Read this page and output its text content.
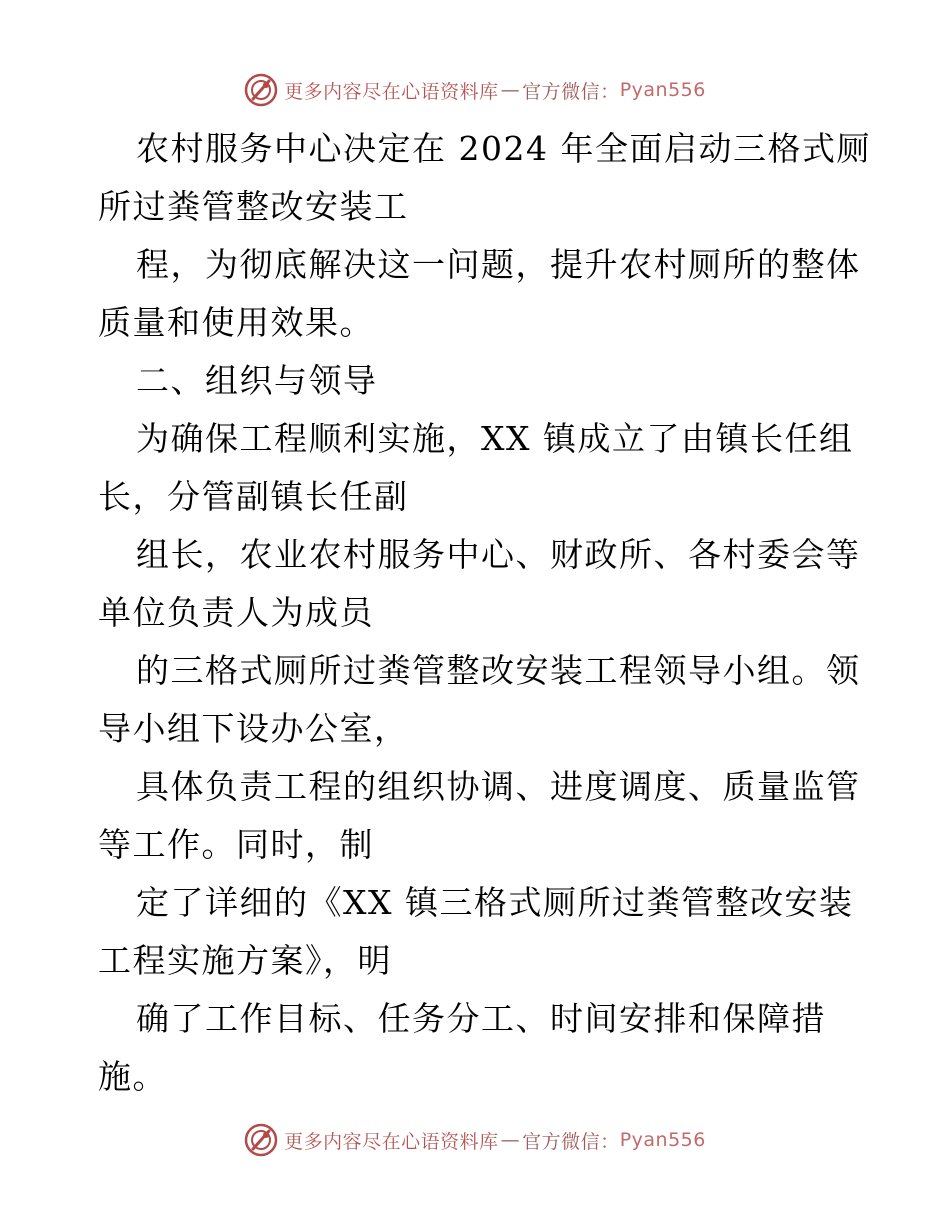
更多内容尽在心语资料库 — 官方微信： Pyan556
农村服务中心决定在 2024 年全面启动三格式厕
所过粪管整改安装工
程，为彻底解决这一问题，提升农村厕所的整体
质量和使用效果。
二、组织与领导
为确保工程顺利实施，XX 镇成立了由镇长任组
长，分管副镇长任副
组长，农业农村服务中心、财政所、各村委会等
单位负责人为成员
的三格式厕所过粪管整改安装工程领导小组。领
导小组下设办公室，
具体负责工程的组织协调、进度调度、质量监管
等工作。同时，制
定了详细的《XX 镇三格式厕所过粪管整改安装
工程实施方案》，明
确了工作目标、任务分工、时间安排和保障措
施。
更多内容尽在心语资料库 — 官方微信： Pyan556
